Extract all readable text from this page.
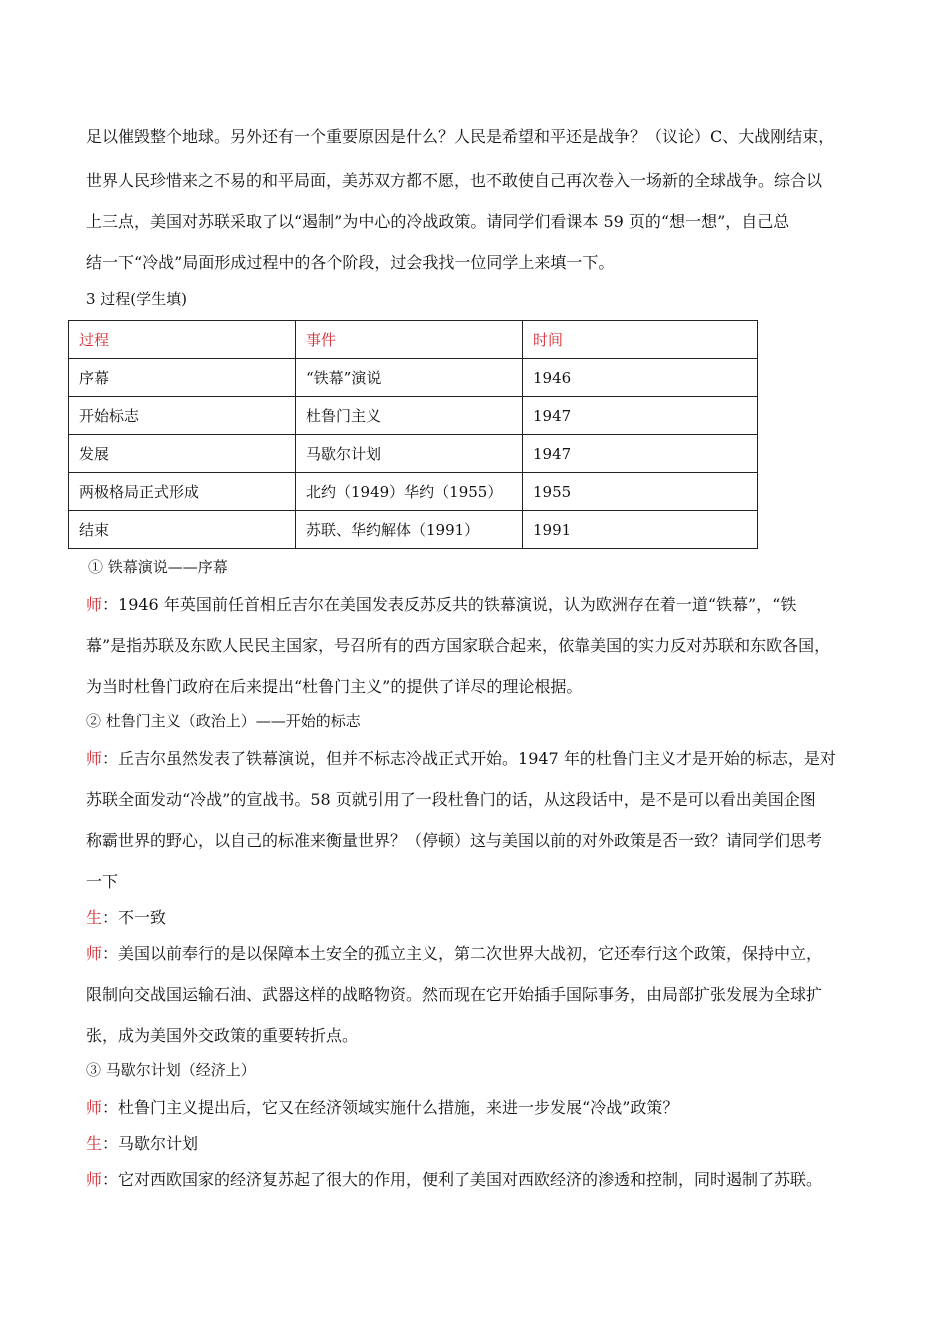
足以催毁整个地球。另外还有一个重要原因是什么？人民是希望和平还是战争？（议论）C、大战刚结束，
世界人民珍惜来之不易的和平局面，美苏双方都不愿，也不敢使自己再次卷入一场新的全球战争。综合以
上三点，美国对苏联采取了以“遏制”为中心的冷战政策。请同学们看课本 59 页的“想一想”，自己总
结一下“冷战”局面形成过程中的各个阶段，过会我找一位同学上来填一下。
3 过程(学生填)
过程	事件	时间
序幕	“铁幕”演说	1946
开始标志	杜鲁门主义	1947
发展	马歇尔计划	1947
两极格局正式形成	北约（1949）华约（1955）	1955
结束	苏联、华约解体（1991）	1991
① 铁幕演说——序幕
师：1946 年英国前任首相丘吉尔在美国发表反苏反共的铁幕演说，认为欧洲存在着一道“铁幕”，“铁
幕”是指苏联及东欧人民民主国家，号召所有的西方国家联合起来，依靠美国的实力反对苏联和东欧各国，
为当时杜鲁门政府在后来提出“杜鲁门主义”的提供了详尽的理论根据。
② 杜鲁门主义（政治上）——开始的标志
师：丘吉尔虽然发表了铁幕演说，但并不标志冷战正式开始。1947 年的杜鲁门主义才是开始的标志，是对
苏联全面发动“冷战”的宣战书。58 页就引用了一段杜鲁门的话，从这段话中，是不是可以看出美国企图
称霸世界的野心，以自己的标准来衡量世界？（停顿）这与美国以前的对外政策是否一致？请同学们思考
一下
生：不一致
师：美国以前奉行的是以保障本土安全的孤立主义，第二次世界大战初，它还奉行这个政策，保持中立，
限制向交战国运输石油、武器这样的战略物资。然而现在它开始插手国际事务，由局部扩张发展为全球扩
张，成为美国外交政策的重要转折点。
③ 马歇尔计划（经济上）
师：杜鲁门主义提出后，它又在经济领域实施什么措施，来进一步发展“冷战”政策？
生：马歇尔计划
师：它对西欧国家的经济复苏起了很大的作用，便利了美国对西欧经济的渗透和控制，同时遏制了苏联。
